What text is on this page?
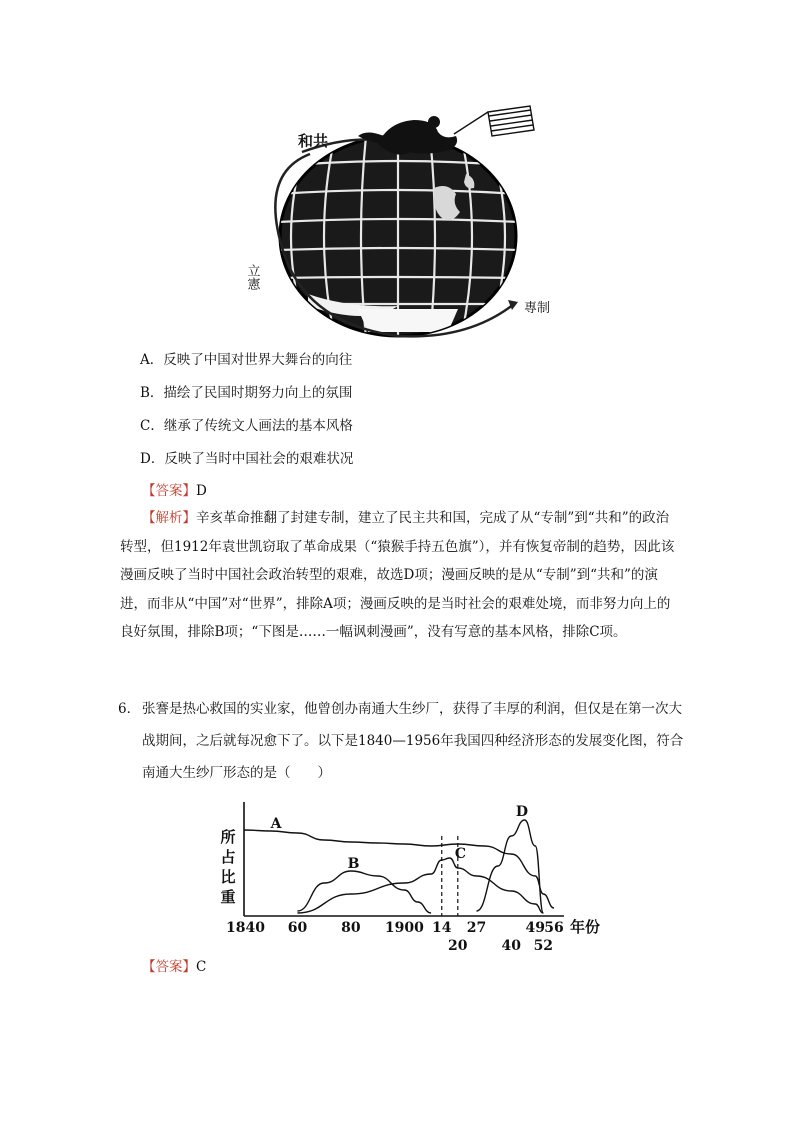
和共
立憲
專制
A．反映了中国对世界大舞台的向往
B．描绘了民国时期努力向上的氛围
C．继承了传统文人画法的基本风格
D．反映了当时中国社会的艰难状况
【答案】D
【解析】辛亥革命推翻了封建专制，建立了民主共和国，完成了从“专制”到“共和”的政治转型，但1912年袁世凯窃取了革命成果（“猿猴手持五色旗”），并有恢复帝制的趋势，因此该漫画反映了当时中国社会政治转型的艰难，故选D项；漫画反映的是从“专制”到“共和”的演进，而非从“中国”对“世界”，排除A项；漫画反映的是当时社会的艰难处境，而非努力向上的良好氛围，排除B项；“下图是……一幅讽刺漫画”，没有写意的基本风格，排除C项。
6． 张謇是热心救国的实业家，他曾创办南通大生纱厂，获得了丰厚的利润，但仅是在第一次大战期间，之后就每况愈下了。以下是1840—1956年我国四种经济形态的发展变化图，符合南通大生纱厂形态的是（　　）
所
占
比
重
A
B
C
D
1840 60 80 1900 14 27	49 56
20 40 52
年份
【答案】C
